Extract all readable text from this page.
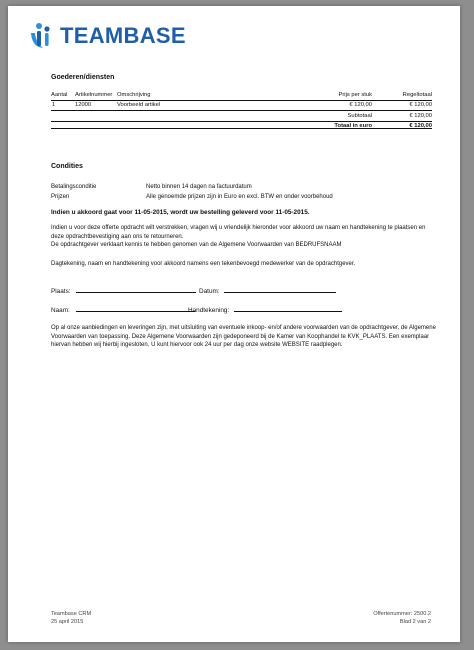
TEAMBASE
Goederen/diensten
Aantal	Artikelnummer	Omschrijving	Prijs per stuk	Regeltotaal
1	12000	Voorbeeld artikel	€ 120,00	€ 120,00
			Subtotaal	€ 120,00
			Totaal in euro	€ 120,00
Condities
Betalingsconditie	Netto binnen 14 dagen na factuurdatum
Prijzen	Alle genoemde prijzen zijn in Euro en excl. BTW en onder voorbehoud
Indien u akkoord gaat voor 11-05-2015, wordt uw bestelling geleverd voor 11-05-2015.
Indien u voor deze offerte opdracht wilt verstrekken, vragen wij u vriendelijk hieronder voor akkoord uw naam en handtekening te plaatsen en deze opdrachtbevestiging aan ons te retourneren.
De opdrachtgever verklaart kennis te hebben genomen van de Algemene Voorwaarden van BEDRUFSNAAM
Dagtekening, naam en handtekening voor akkoord namens een tekenbevoegd medewerker van de opdrachtgever.
Plaats:	Datum:
Naam:	Handtekening:
Op al onze aanbiedingen en leveringen zijn, met uitsluiting van eventuele inkoop- en/of andere voorwaarden van de opdrachtgever, de Algemene Voorwaarden van toepassing. Deze Algemene Voorwaarden zijn gedeponeerd bij de Kamer van Koophandel te KVK_PLAATS. Een exemplaar hiervan hebben wij hierbij ingesloten. U kunt hiervoor ook 24 uur per dag onze website WEBSITE raadplegen.
Teambase CRM
25 april 2015
Offertenummer: 2500.2
Blad 2 van 2
